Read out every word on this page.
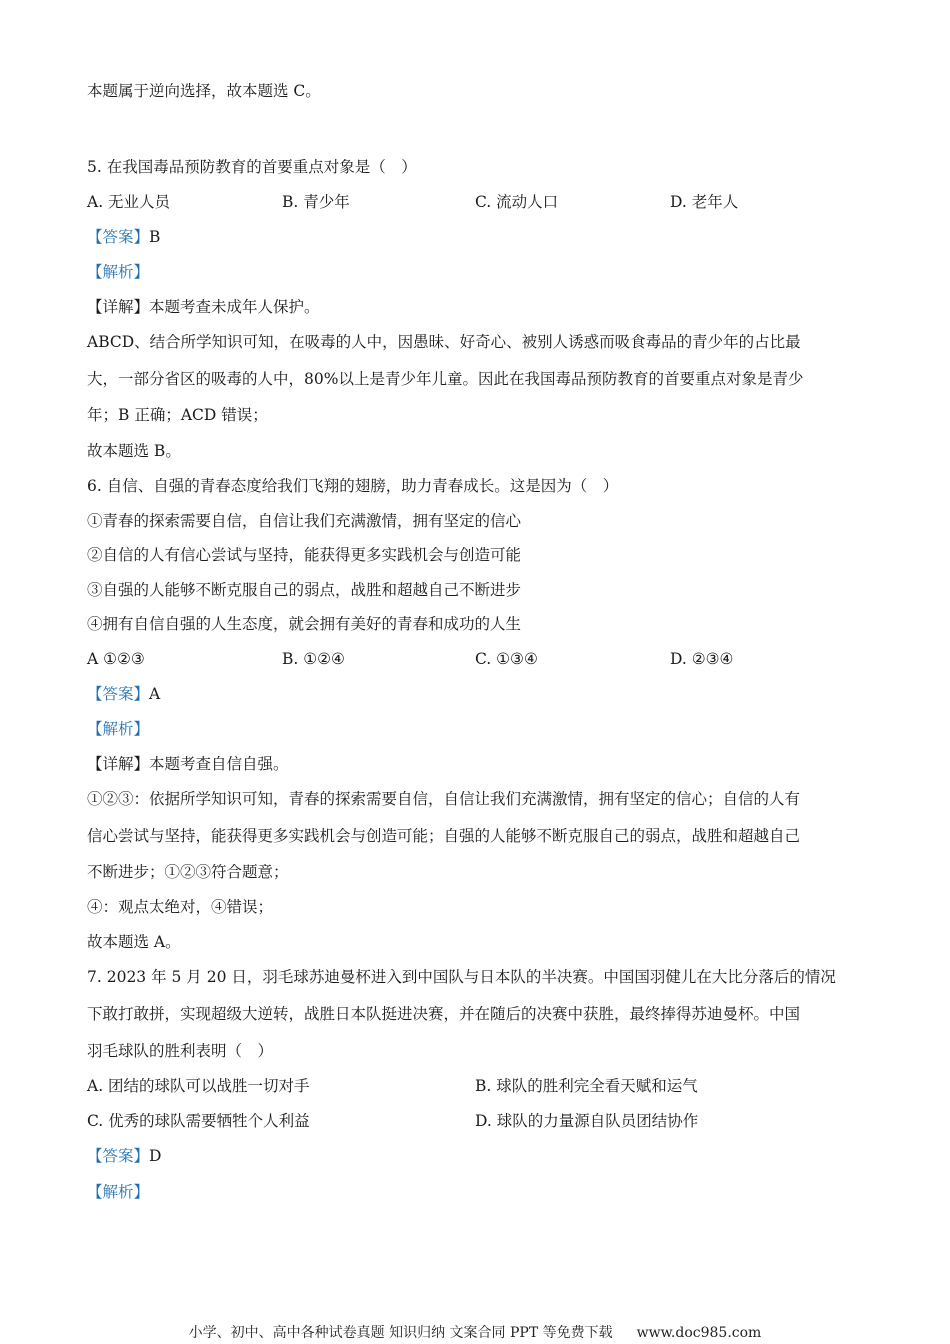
本题属于逆向选择，故本题选 C。
5. 在我国毒品预防教育的首要重点对象是（　）
A. 无业人员	B. 青少年	C. 流动人口	D. 老年人
【答案】B
【解析】
【详解】本题考查未成年人保护。
ABCD、结合所学知识可知，在吸毒的人中，因愚昧、好奇心、被别人诱惑而吸食毒品的青少年的占比最
大，一部分省区的吸毒的人中，80%以上是青少年儿童。因此在我国毒品预防教育的首要重点对象是青少
年；B 正确；ACD 错误；
故本题选 B。
6. 自信、自强的青春态度给我们飞翔的翅膀，助力青春成长。这是因为（　）
①青春的探索需要自信，自信让我们充满激情，拥有坚定的信心
②自信的人有信心尝试与坚持，能获得更多实践机会与创造可能
③自强的人能够不断克服自己的弱点，战胜和超越自己不断进步
④拥有自信自强的人生态度，就会拥有美好的青春和成功的人生
A ①②③	B. ①②④	C. ①③④	D. ②③④
【答案】A
【解析】
【详解】本题考查自信自强。
①②③：依据所学知识可知，青春的探索需要自信，自信让我们充满激情，拥有坚定的信心；自信的人有
信心尝试与坚持，能获得更多实践机会与创造可能；自强的人能够不断克服自己的弱点，战胜和超越自己
不断进步；①②③符合题意；
④：观点太绝对，④错误；
故本题选 A。
7. 2023 年 5 月 20 日，羽毛球苏迪曼杯进入到中国队与日本队的半决赛。中国国羽健儿在大比分落后的情况
下敢打敢拼，实现超级大逆转，战胜日本队挺进决赛，并在随后的决赛中获胜，最终捧得苏迪曼杯。中国
羽毛球队的胜利表明（　）
A. 团结的球队可以战胜一切对手	B. 球队的胜利完全看天赋和运气
C. 优秀的球队需要牺牲个人利益	D. 球队的力量源自队员团结协作
【答案】D
【解析】
小学、初中、高中各种试卷真题 知识归纳 文案合同 PPT 等免费下载 www.doc985.com
